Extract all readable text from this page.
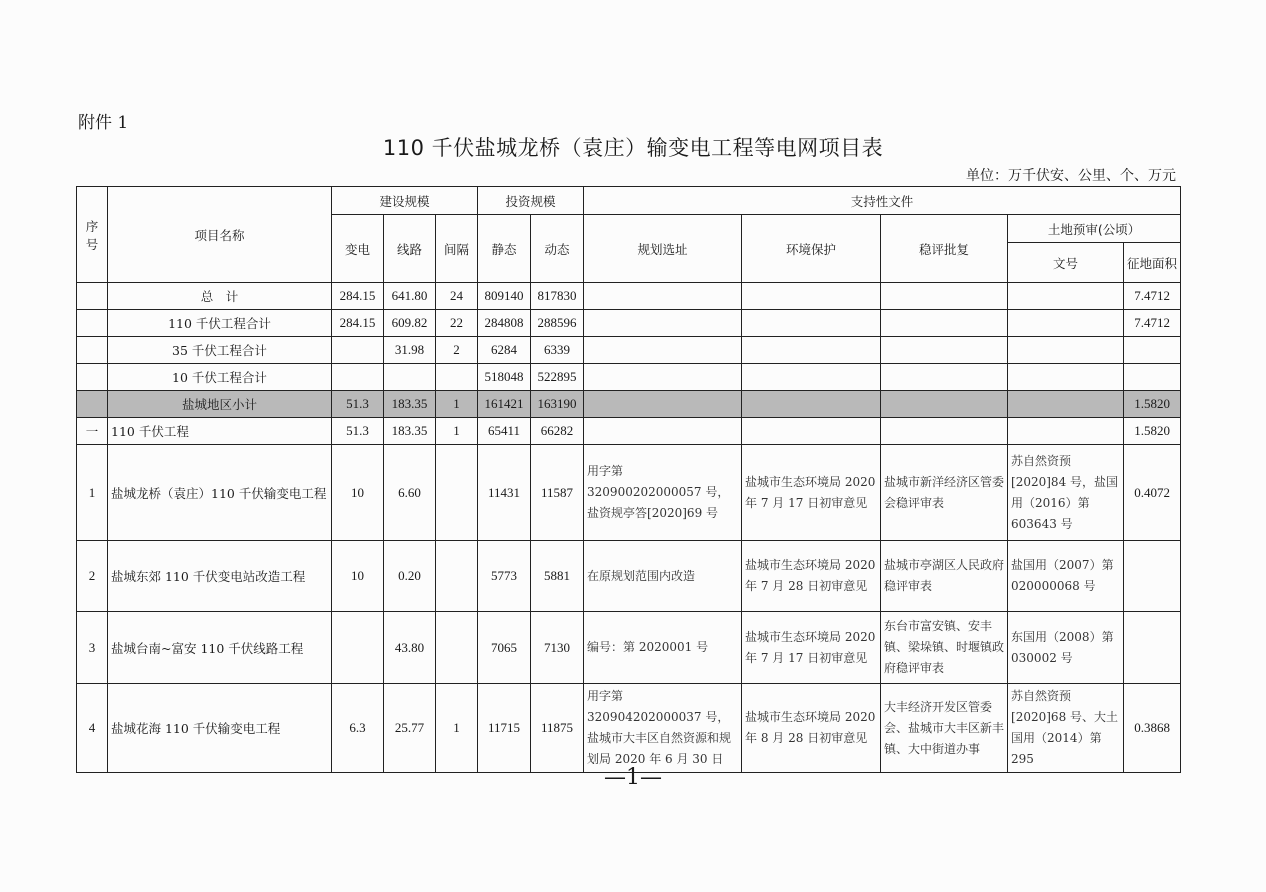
附件 1
110 千伏盐城龙桥（袁庄）输变电工程等电网项目表
单位：万千伏安、公里、个、万元
序号	项目名称	建设规模			投资规模		支持性文件				
		变电	线路	间隔	静态	动态	规划选址	环境保护	稳评批复	土地预审(公顷）	
										文号	征地面积
	总　计	284.15	641.80	24	809140	817830					7.4712
	110 千伏工程合计	284.15	609.82	22	284808	288596					7.4712
	35 千伏工程合计		31.98	2	6284	6339					
	10 千伏工程合计				518048	522895					
	盐城地区小计	51.3	183.35	1	161421	163190					1.5820
一	110 千伏工程	51.3	183.35	1	65411	66282					1.5820
1	盐城龙桥（袁庄）110 千伏输变电工程	10	6.60		11431	11587	用字第 320900202000057 号，盐资规亭答[2020]69 号	盐城市生态环境局 2020 年 7 月 17 日初审意见	盐城市新洋经济区管委会稳评审表	苏自然资预 [2020]84 号，盐国用（2016）第 603643 号	0.4072
2	盐城东郊 110 千伏变电站改造工程	10	0.20		5773	5881	在原规划范围内改造	盐城市生态环境局 2020 年 7 月 28 日初审意见	盐城市亭湖区人民政府稳评审表	盐国用（2007）第 020000068 号	
3	盐城台南~富安 110 千伏线路工程		43.80		7065	7130	编号：第 2020001 号	盐城市生态环境局 2020 年 7 月 17 日初审意见	东台市富安镇、安丰镇、梁垛镇、时堰镇政府稳评审表	东国用（2008）第 030002 号	
4	盐城花海 110 千伏输变电工程	6.3	25.77	1	11715	11875	用字第 320904202000037 号，盐城市大丰区自然资源和规划局 2020 年 6 月 30 日	盐城市生态环境局 2020 年 8 月 28 日初审意见	大丰经济开发区管委会、盐城市大丰区新丰镇、大中街道办事	苏自然资预 [2020]68 号、大土国用（2014）第 295	0.3868
—1—
